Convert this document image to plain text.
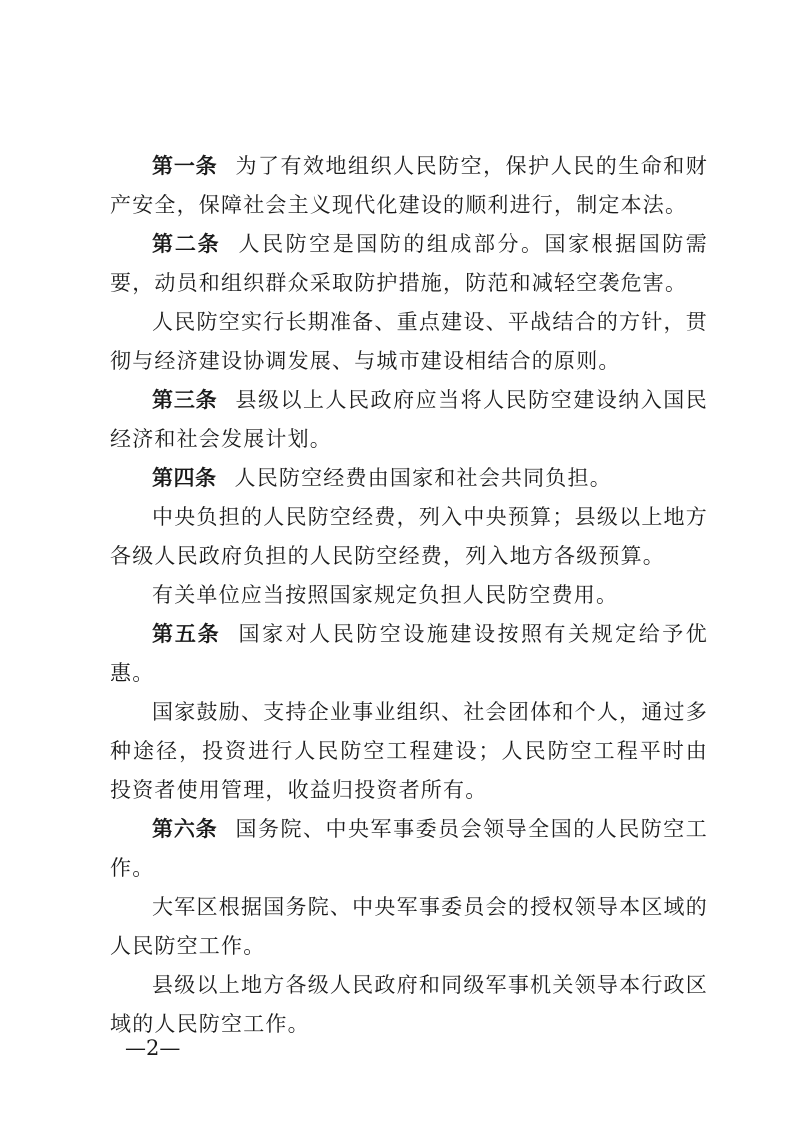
第一条 为了有效地组织人民防空，保护人民的生命和财产安全，保障社会主义现代化建设的顺利进行，制定本法。

第二条 人民防空是国防的组成部分。国家根据国防需要，动员和组织群众采取防护措施，防范和减轻空袭危害。

人民防空实行长期准备、重点建设、平战结合的方针，贯彻与经济建设协调发展、与城市建设相结合的原则。

第三条 县级以上人民政府应当将人民防空建设纳入国民经济和社会发展计划。

第四条 人民防空经费由国家和社会共同负担。

中央负担的人民防空经费，列入中央预算；县级以上地方各级人民政府负担的人民防空经费，列入地方各级预算。

有关单位应当按照国家规定负担人民防空费用。

第五条 国家对人民防空设施建设按照有关规定给予优惠。

国家鼓励、支持企业事业组织、社会团体和个人，通过多种途径，投资进行人民防空工程建设；人民防空工程平时由投资者使用管理，收益归投资者所有。

第六条 国务院、中央军事委员会领导全国的人民防空工作。

大军区根据国务院、中央军事委员会的授权领导本区域的人民防空工作。

县级以上地方各级人民政府和同级军事机关领导本行政区域的人民防空工作。

—2—
